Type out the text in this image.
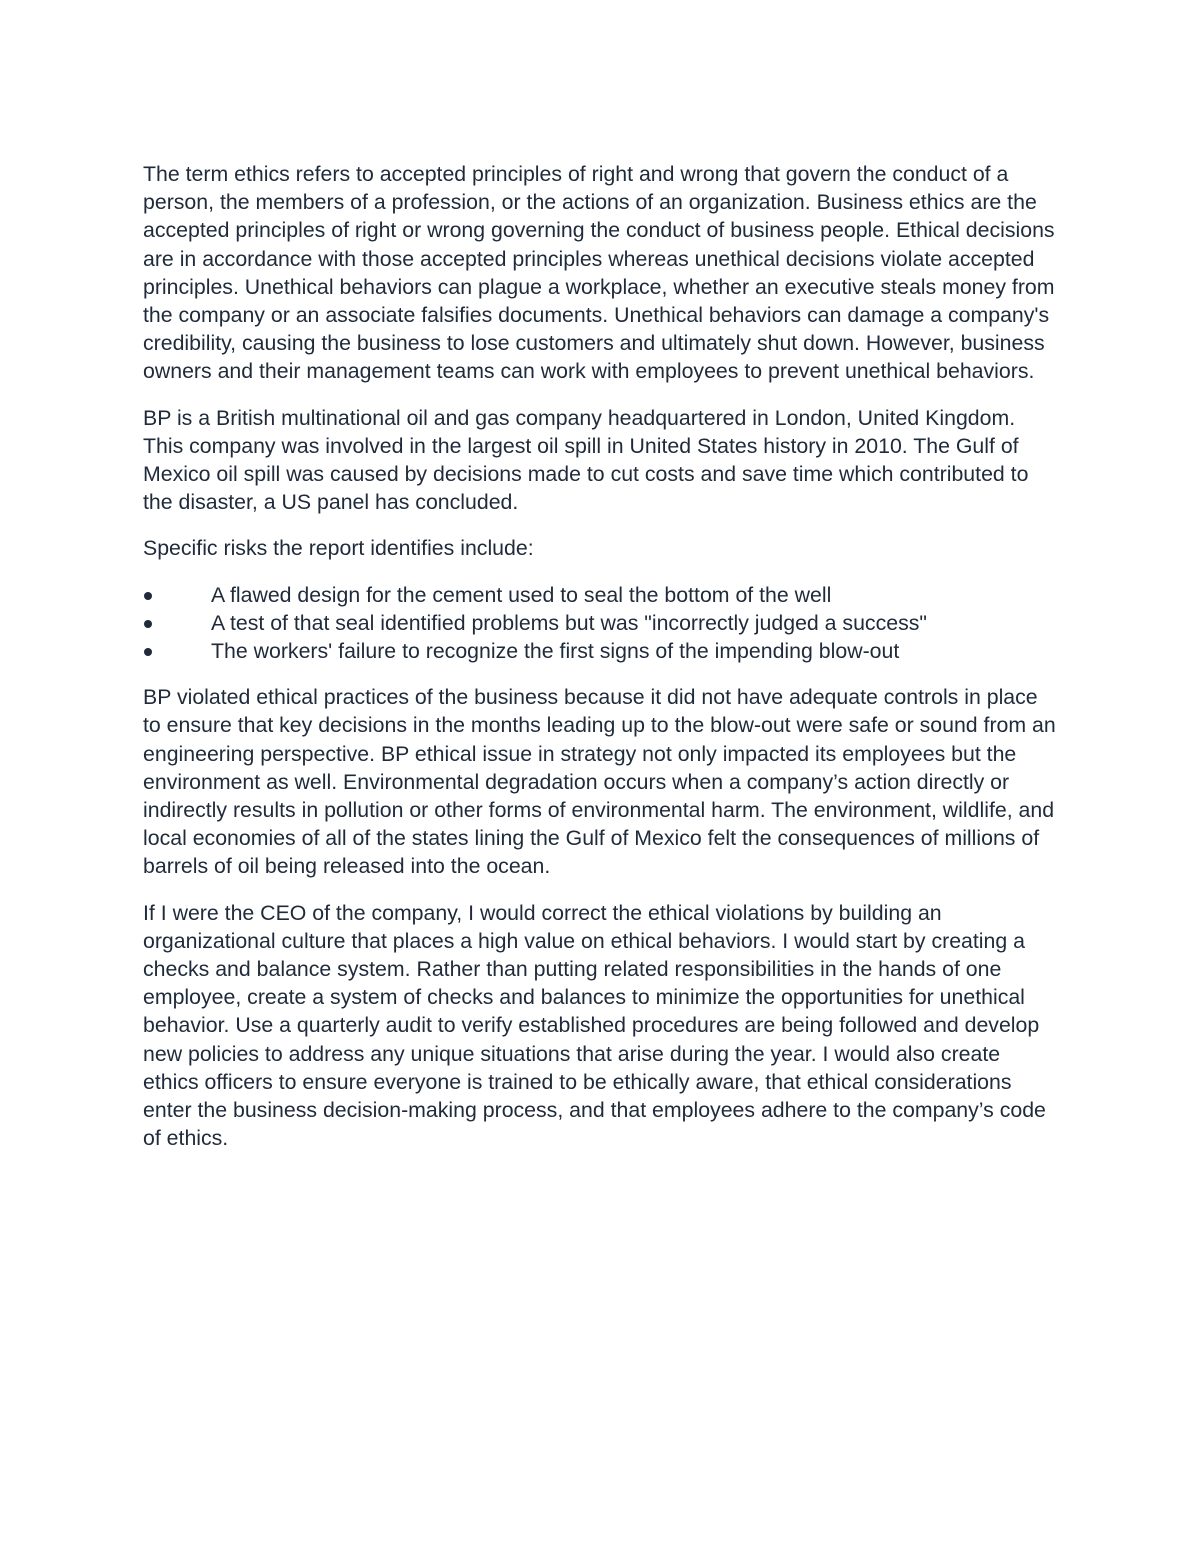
The term ethics refers to accepted principles of right and wrong that govern the conduct of a person, the members of a profession, or the actions of an organization. Business ethics are the accepted principles of right or wrong governing the conduct of business people. Ethical decisions are in accordance with those accepted principles whereas unethical decisions violate accepted principles. Unethical behaviors can plague a workplace, whether an executive steals money from the company or an associate falsifies documents. Unethical behaviors can damage a company's credibility, causing the business to lose customers and ultimately shut down. However, business owners and their management teams can work with employees to prevent unethical behaviors.

BP is a British multinational oil and gas company headquartered in London, United Kingdom. This company was involved in the largest oil spill in United States history in 2010. The Gulf of Mexico oil spill was caused by decisions made to cut costs and save time which contributed to the disaster, a US panel has concluded.

Specific risks the report identifies include:

A flawed design for the cement used to seal the bottom of the well
A test of that seal identified problems but was "incorrectly judged a success"
The workers' failure to recognize the first signs of the impending blow-out

BP violated ethical practices of the business because it did not have adequate controls in place to ensure that key decisions in the months leading up to the blow-out were safe or sound from an engineering perspective. BP ethical issue in strategy not only impacted its employees but the environment as well. Environmental degradation occurs when a company’s action directly or indirectly results in pollution or other forms of environmental harm. The environment, wildlife, and local economies of all of the states lining the Gulf of Mexico felt the consequences of millions of barrels of oil being released into the ocean.

If I were the CEO of the company, I would correct the ethical violations by building an organizational culture that places a high value on ethical behaviors. I would start by creating a checks and balance system. Rather than putting related responsibilities in the hands of one employee, create a system of checks and balances to minimize the opportunities for unethical behavior. Use a quarterly audit to verify established procedures are being followed and develop new policies to address any unique situations that arise during the year. I would also create ethics officers to ensure everyone is trained to be ethically aware, that ethical considerations enter the business decision-making process, and that employees adhere to the company’s code of ethics.
